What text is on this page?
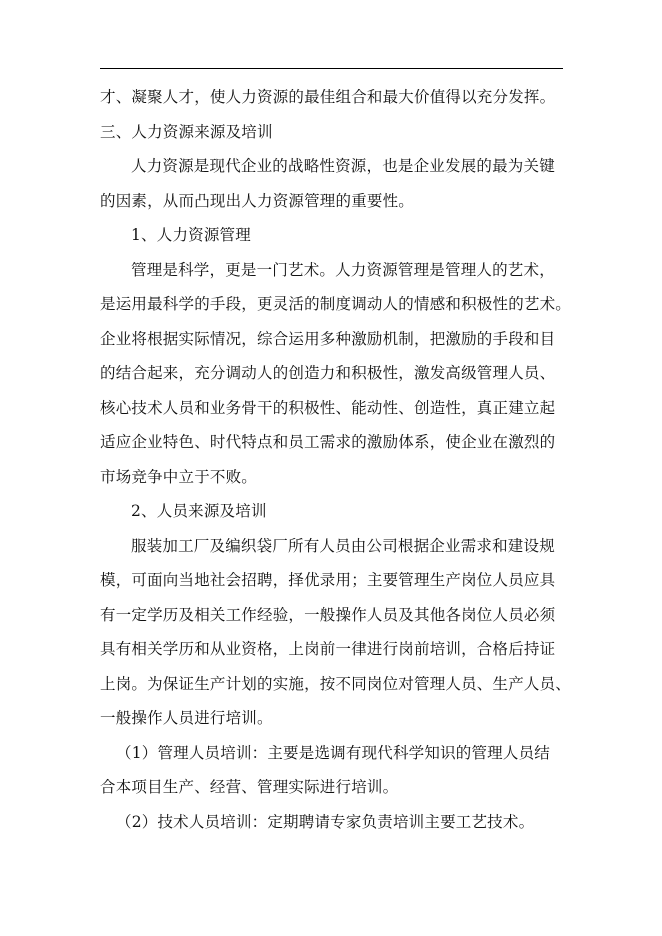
才、凝聚人才，使人力资源的最佳组合和最大价值得以充分发挥。
三、人力资源来源及培训
人力资源是现代企业的战略性资源，也是企业发展的最为关键
的因素，从而凸现出人力资源管理的重要性。
1、人力资源管理
管理是科学，更是一门艺术。人力资源管理是管理人的艺术，
是运用最科学的手段，更灵活的制度调动人的情感和积极性的艺术。
企业将根据实际情况，综合运用多种激励机制，把激励的手段和目
的结合起来，充分调动人的创造力和积极性，激发高级管理人员、
核心技术人员和业务骨干的积极性、能动性、创造性，真正建立起
适应企业特色、时代特点和员工需求的激励体系，使企业在激烈的
市场竞争中立于不败。
2、人员来源及培训
服装加工厂及编织袋厂所有人员由公司根据企业需求和建设规
模，可面向当地社会招聘，择优录用；主要管理生产岗位人员应具
有一定学历及相关工作经验，一般操作人员及其他各岗位人员必须
具有相关学历和从业资格，上岗前一律进行岗前培训，合格后持证
上岗。为保证生产计划的实施，按不同岗位对管理人员、生产人员、
一般操作人员进行培训。
（1）管理人员培训：主要是选调有现代科学知识的管理人员结
合本项目生产、经营、管理实际进行培训。
（2）技术人员培训：定期聘请专家负责培训主要工艺技术。
